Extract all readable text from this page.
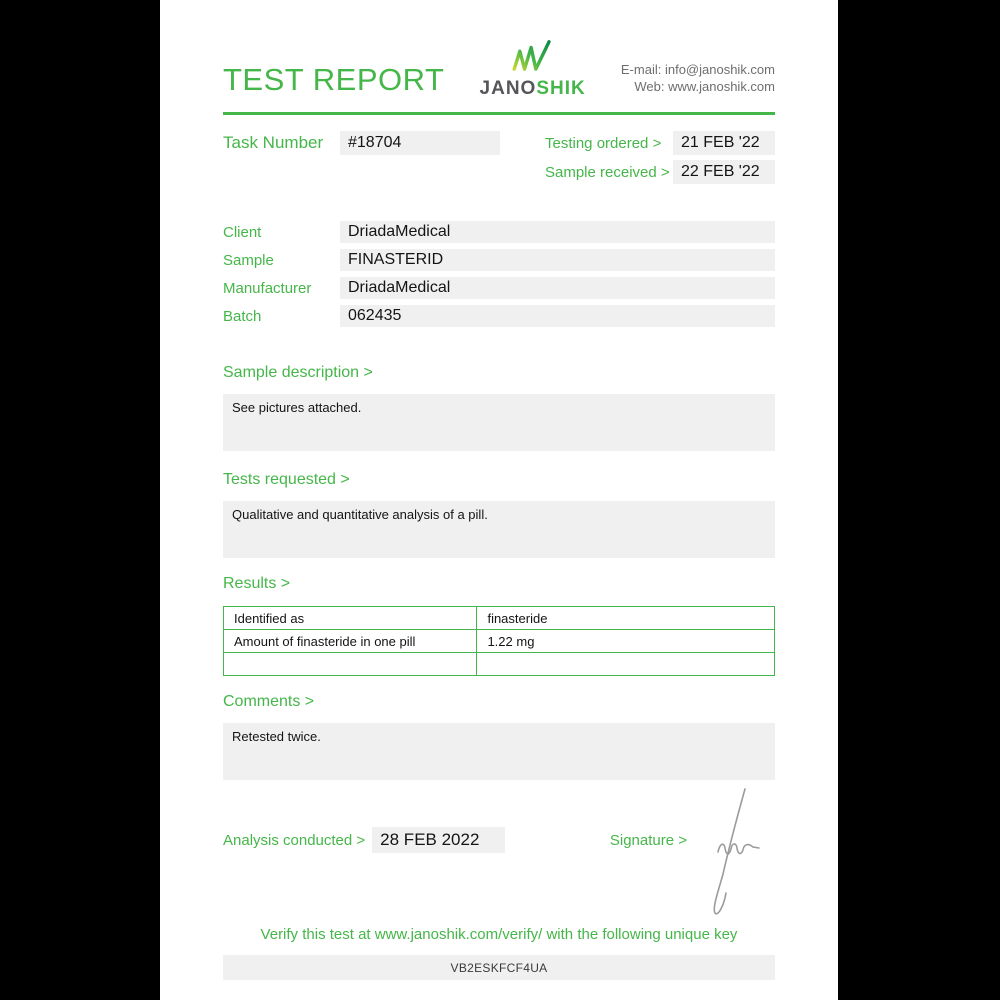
TEST REPORT JANOSHIK
E-mail: info@janoshik.com
Web: www.janoshik.com
Task Number	#18704	Testing ordered >	21 FEB '22
Sample received > 22 FEB '22
Client	DriadaMedical
Sample	FINASTERID
Manufacturer	DriadaMedical
Batch	062435
Sample description >
See pictures attached.
Tests requested >
Qualitative and quantitative analysis of a pill.
Results >
Identified as	finasteride
Amount of finasteride in one pill	1.22 mg

Comments >
Retested twice.
Analysis conducted > 28 FEB 2022	Signature >
Verify this test at www.janoshik.com/verify/ with the following unique key
VB2ESKFCF4UA
